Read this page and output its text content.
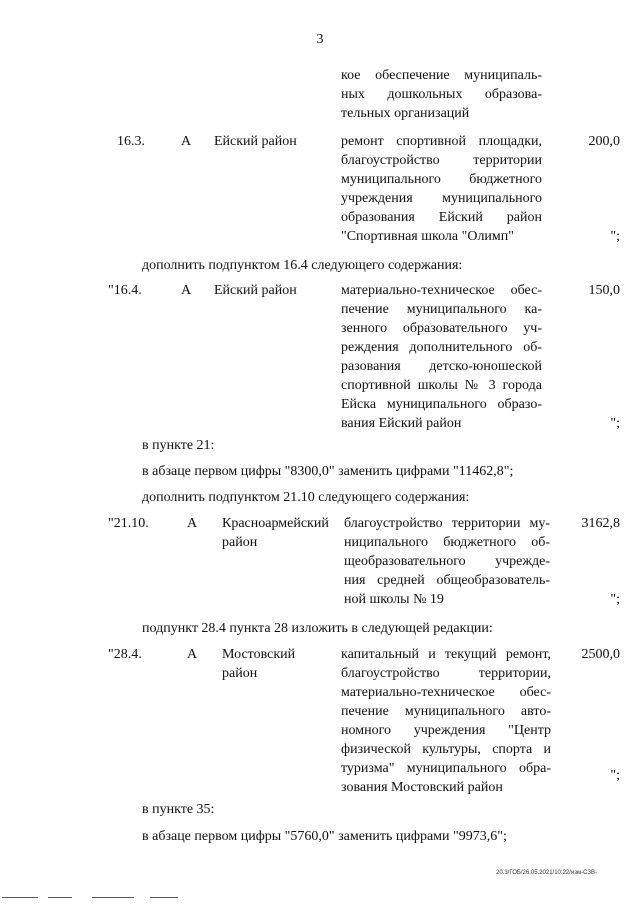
3
кое обеспечение муниципаль-
ных дошкольных образова-
тельных организаций
16.3.	А Ейский район	ремонт спортивной площадки,
благоустройство территории
муниципального бюджетного
учреждения муниципального
образования Ейский район
"Спортивная школа "Олимп"
200,0
";
дополнить подпунктом 16.4 следующего содержания:
"16.4.	А Ейский район	материально-техническое обес-
печение муниципального ка-
зенного образовательного уч-
реждения дополнительного об-
разования детско-юношеской
спортивной школы № 3 города
Ейска муниципального образо-
вания Ейский район
150,0
";
в пункте 21:
в абзаце первом цифры "8300,0" заменить цифрами "11462,8";
дополнить подпунктом 21.10 следующего содержания:
"21.10.	А Красноармейский
район
благоустройство территории му-
ниципального бюджетного об-
щеобразовательного учрежде-
ния средней общеобразователь-
ной школы № 19
3162,8
";
подпункт 28.4 пункта 28 изложить в следующей редакции:
"28.4.	А Мостовский
район
капитальный и текущий ремонт,
благоустройство территории,
материально-техническое обес-
печение муниципального авто-
номного учреждения "Центр
физической культуры, спорта и
туризма" муниципального обра-
зования Мостовский район
2500,0
";
в пункте 35:
в абзаце первом цифры "5760,0" заменить цифрами "9973,6";
20.3/ГОБ/26.05.2021/10:22/изм-СЗВ-
